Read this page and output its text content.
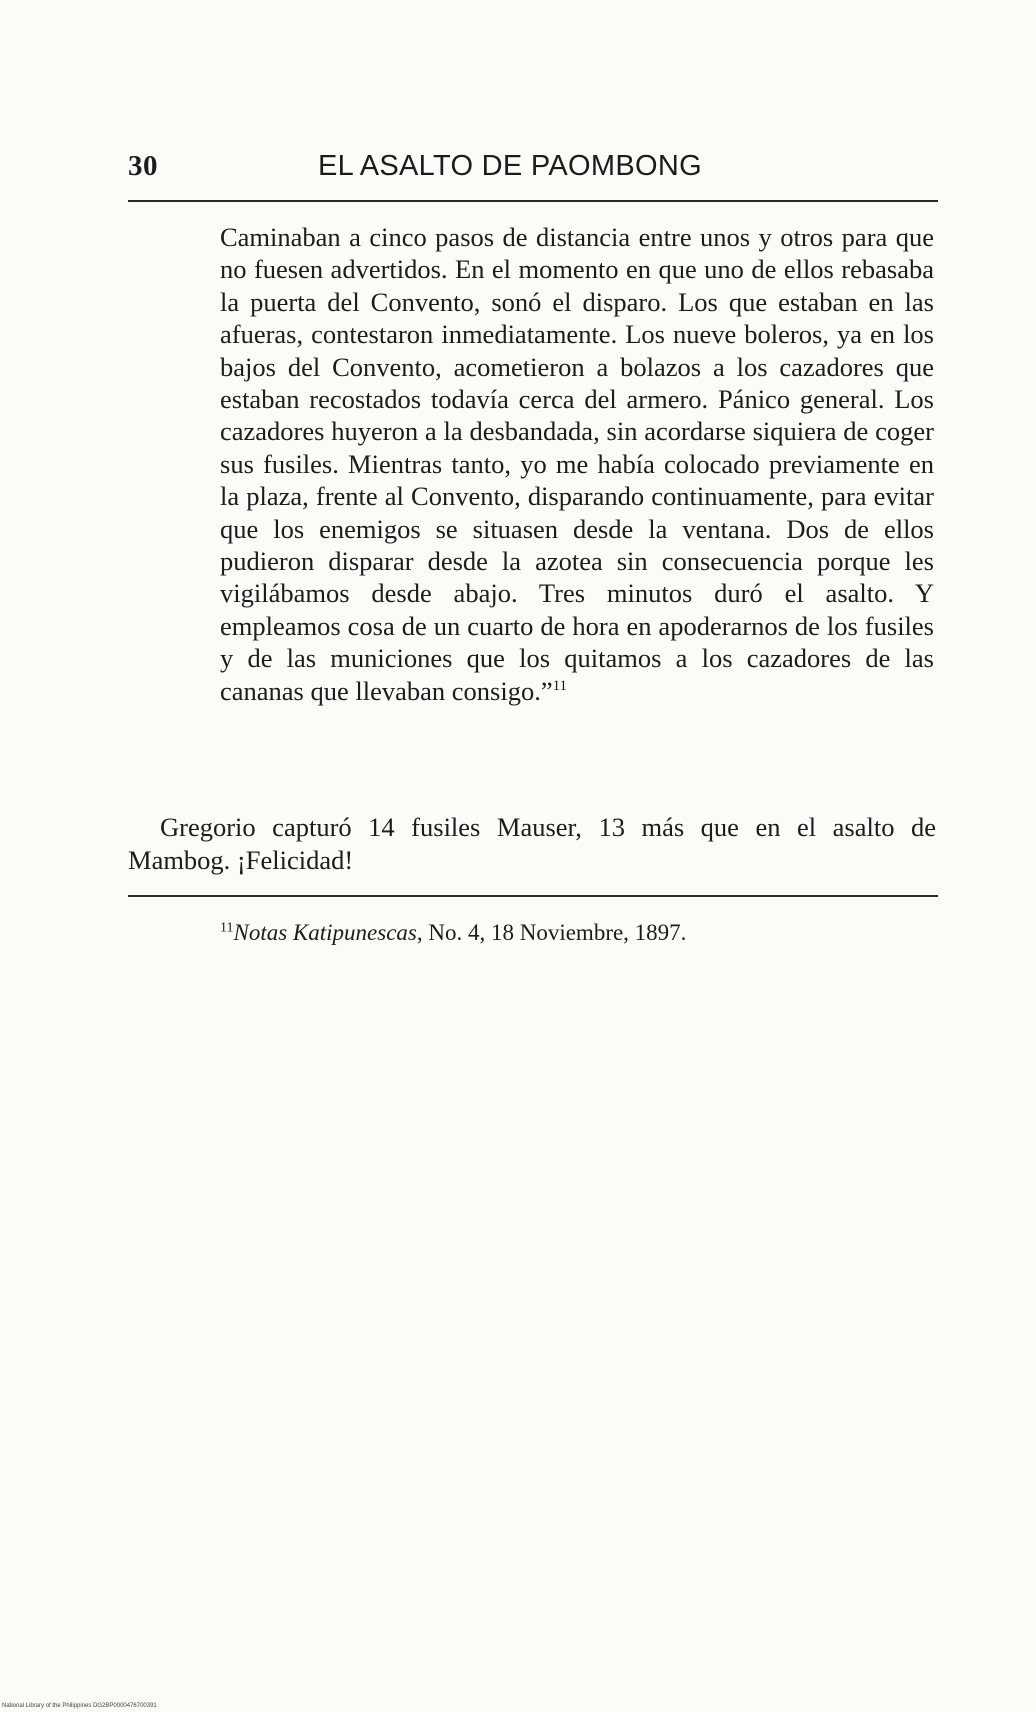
30	EL ASALTO DE PAOMBONG
Caminaban a cinco pasos de distancia entre unos y otros para que no fuesen advertidos. En el momento en que uno de ellos rebasaba la puerta del Convento, sonó el disparo. Los que estaban en las afueras, contestaron inmediatamente. Los nueve boleros, ya en los bajos del Convento, acometieron a bolazos a los cazadores que estaban recostados todavía cerca del armero. Pánico general. Los cazadores huyeron a la desbandada, sin acordarse siquiera de coger sus fusiles. Mientras tanto, yo me había colocado previamente en la plaza, frente al Convento, disparando continuamente, para evitar que los enemigos se situasen desde la ventana. Dos de ellos pudieron disparar desde la azotea sin consecuencia porque les vigilábamos desde abajo. Tres minutos duró el asalto. Y empleamos cosa de un cuarto de hora en apoderarnos de los fusiles y de las municiones que los quitamos a los cazadores de las cananas que llevaban consigo.”$^{11}$
Gregorio capturó 14 fusiles Mauser, 13 más que en el asalto de Mambog. ¡Felicidad!
$^{11}$Notas Katipunescas, No. 4, 18 Noviembre, 1897.
National Library of the Philippines DG2BP0000476700391
